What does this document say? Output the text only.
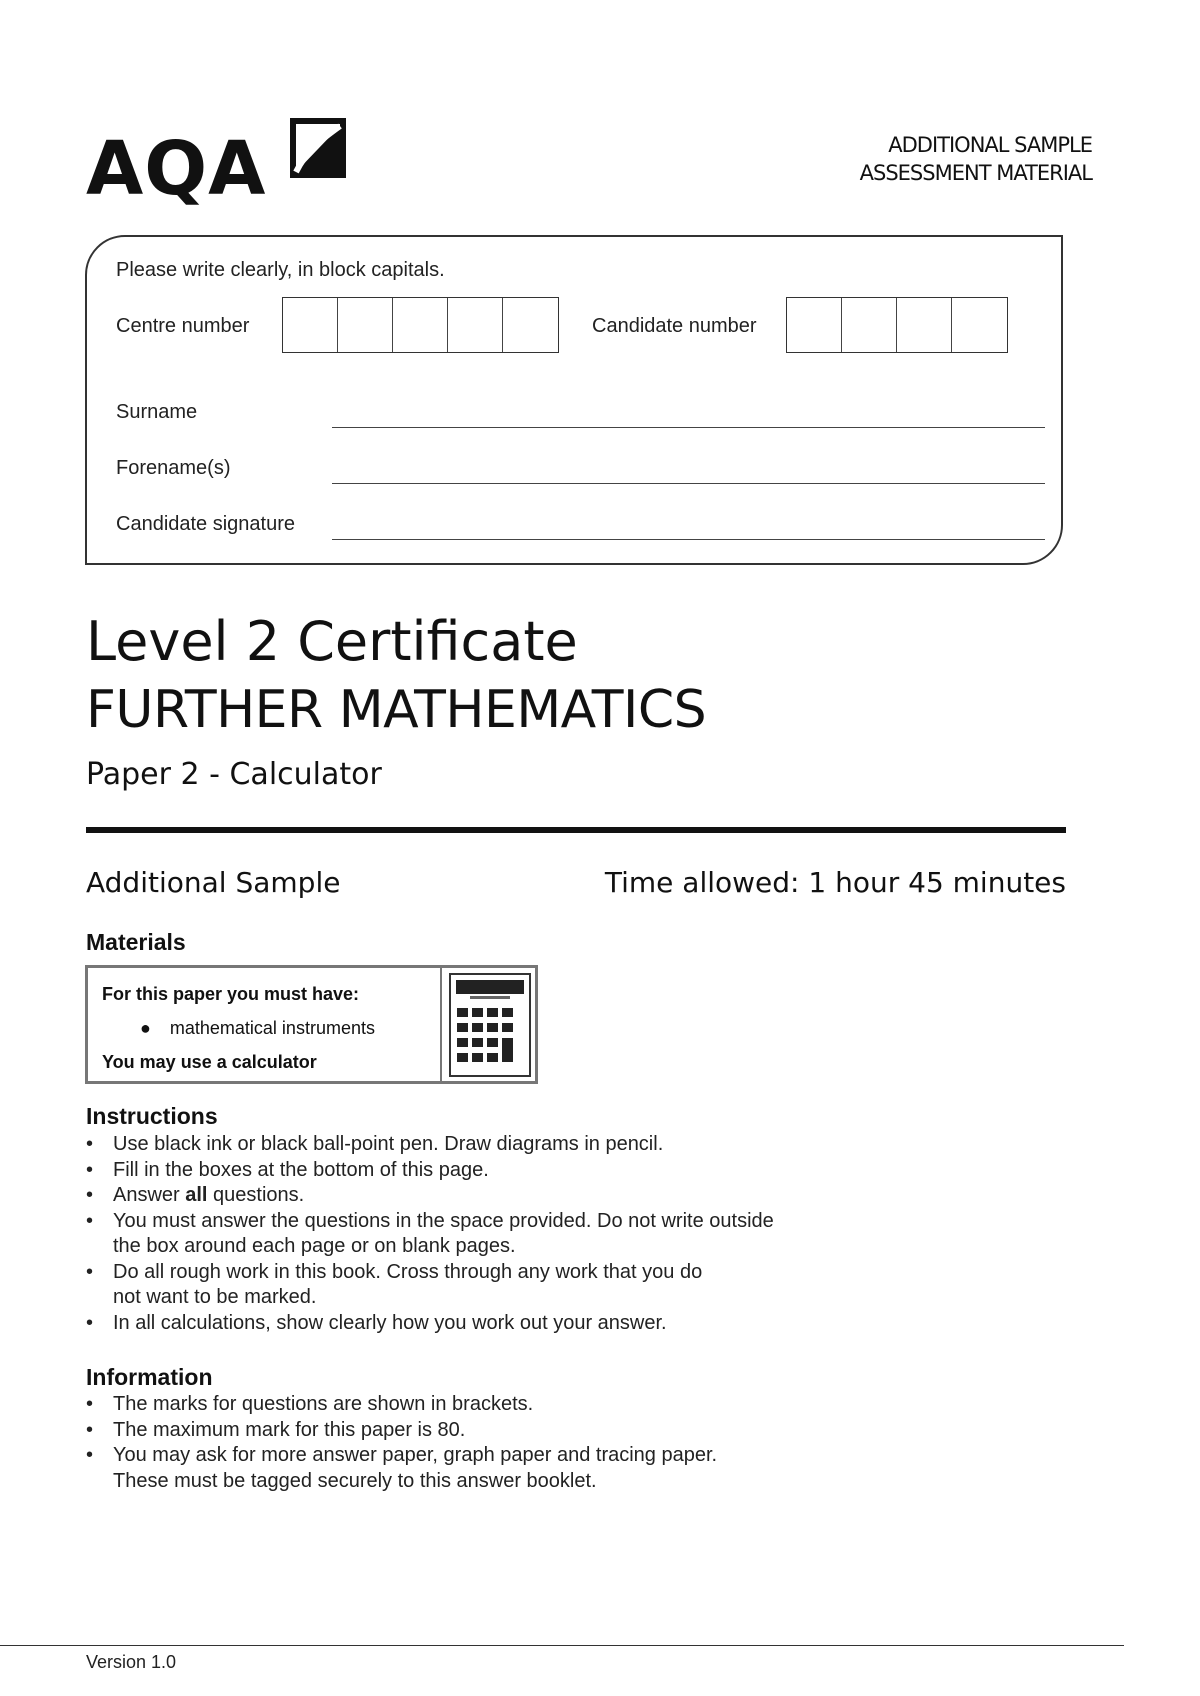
AQA	ADDITIONAL SAMPLE
ASSESSMENT MATERIAL
Please write clearly, in block capitals.
Centre number	Candidate number
Surname
Forename(s)
Candidate signature
Level 2 Certificate
FURTHER MATHEMATICS
Paper 2 - Calculator
Additional Sample	Time allowed: 1 hour 45 minutes
Materials
For this paper you must have:
● mathematical instruments
You may use a calculator
Instructions
• Use black ink or black ball-point pen. Draw diagrams in pencil.
• Fill in the boxes at the bottom of this page.
• Answer all questions.
• You must answer the questions in the space provided. Do not write outside
the box around each page or on blank pages.
• Do all rough work in this book. Cross through any work that you do
not want to be marked.
• In all calculations, show clearly how you work out your answer.
Information
• The marks for questions are shown in brackets.
• The maximum mark for this paper is 80.
• You may ask for more answer paper, graph paper and tracing paper.
These must be tagged securely to this answer booklet.
Version 1.0
